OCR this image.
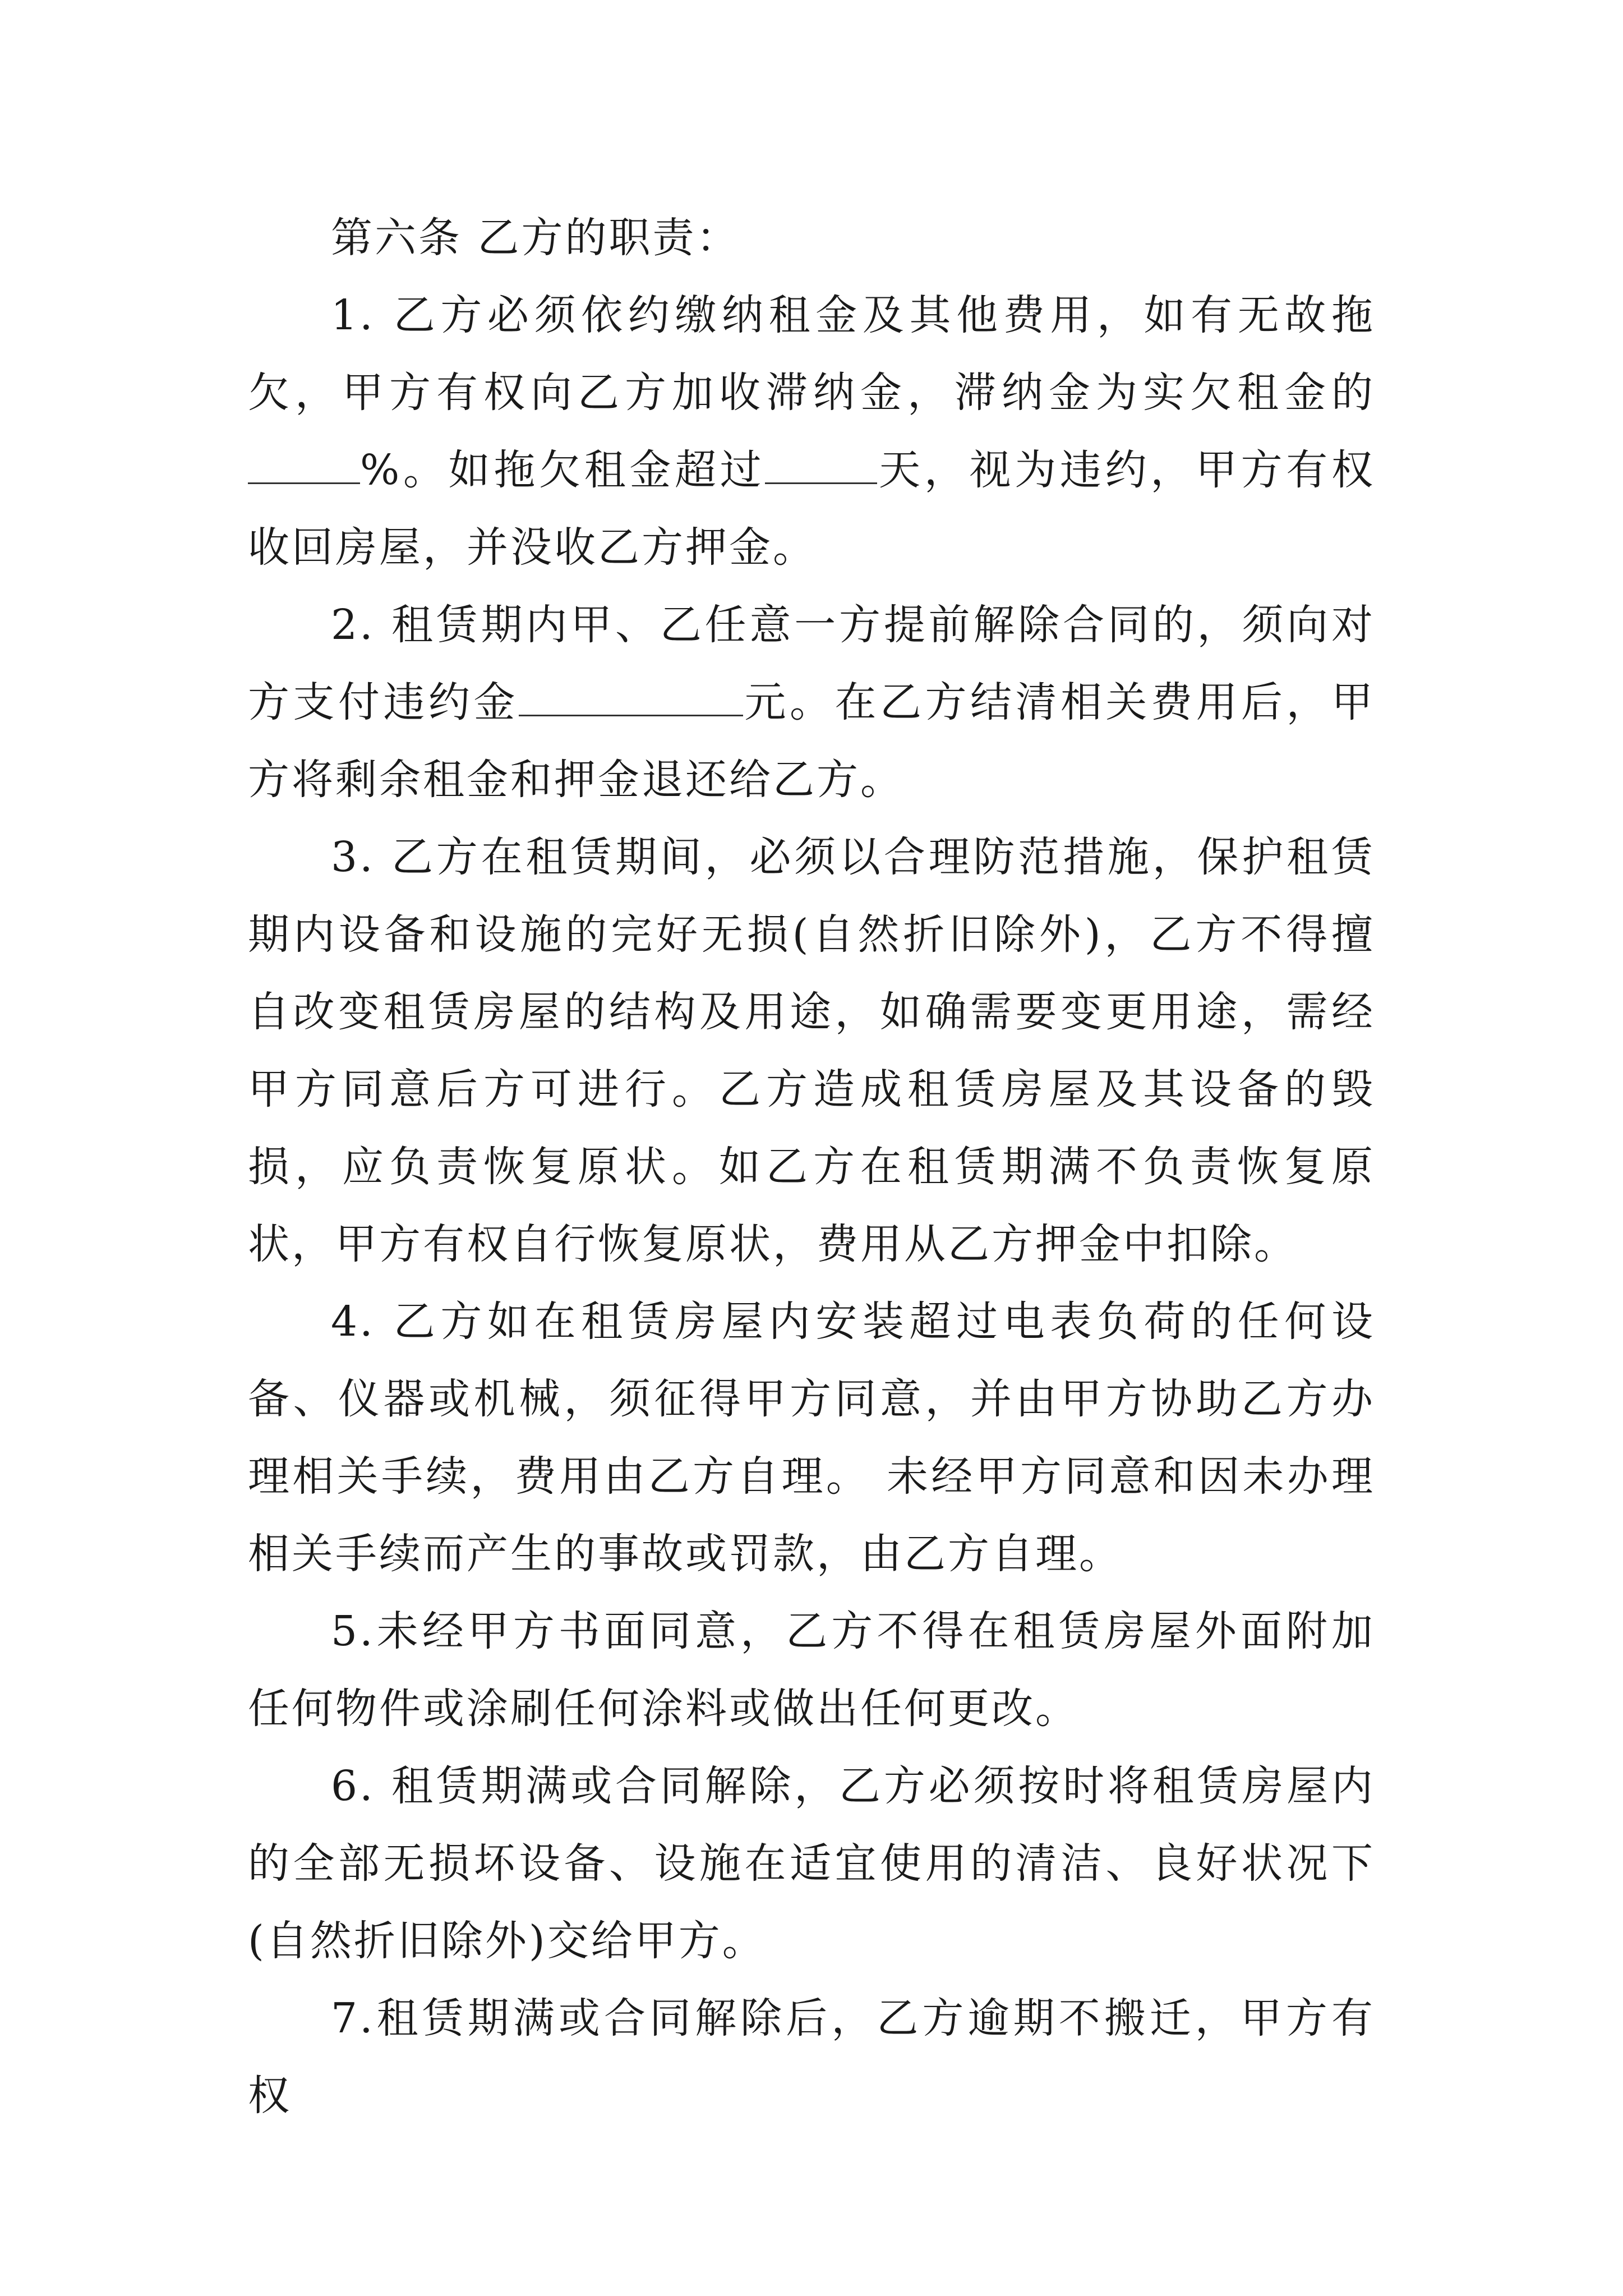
第六条 乙方的职责：

1. 乙方必须依约缴纳租金及其他费用，如有无故拖欠，甲方有权向乙方加收滞纳金，滞纳金为实欠租金的%。如拖欠租金超过	天，视为违约，甲方有权收回房屋，并没收乙方押金。

2. 租赁期内甲、乙任意一方提前解除合同的，须向对方支付违约金	元。在乙方结清相关费用后，甲方将剩余租金和押金退还给乙方。

3. 乙方在租赁期间，必须以合理防范措施，保护租赁期内设备和设施的完好无损(自然折旧除外)，乙方不得擅自改变租赁房屋的结构及用途，如确需要变更用途，需经甲方同意后方可进行。乙方造成租赁房屋及其设备的毁损，应负责恢复原状。如乙方在租赁期满不负责恢复原状，甲方有权自行恢复原状，费用从乙方押金中扣除。

4. 乙方如在租赁房屋内安装超过电表负荷的任何设备、仪器或机械，须征得甲方同意，并由甲方协助乙方办理相关手续，费用由乙方自理。 未经甲方同意和因未办理相关手续而产生的事故或罚款，由乙方自理。

5.未经甲方书面同意，乙方不得在租赁房屋外面附加任何物件或涂刷任何涂料或做出任何更改。

6. 租赁期满或合同解除，乙方必须按时将租赁房屋内的全部无损坏设备、设施在适宜使用的清洁、良好状况下(自然折旧除外)交给甲方。

7.租赁期满或合同解除后，乙方逾期不搬迁，甲方有权
